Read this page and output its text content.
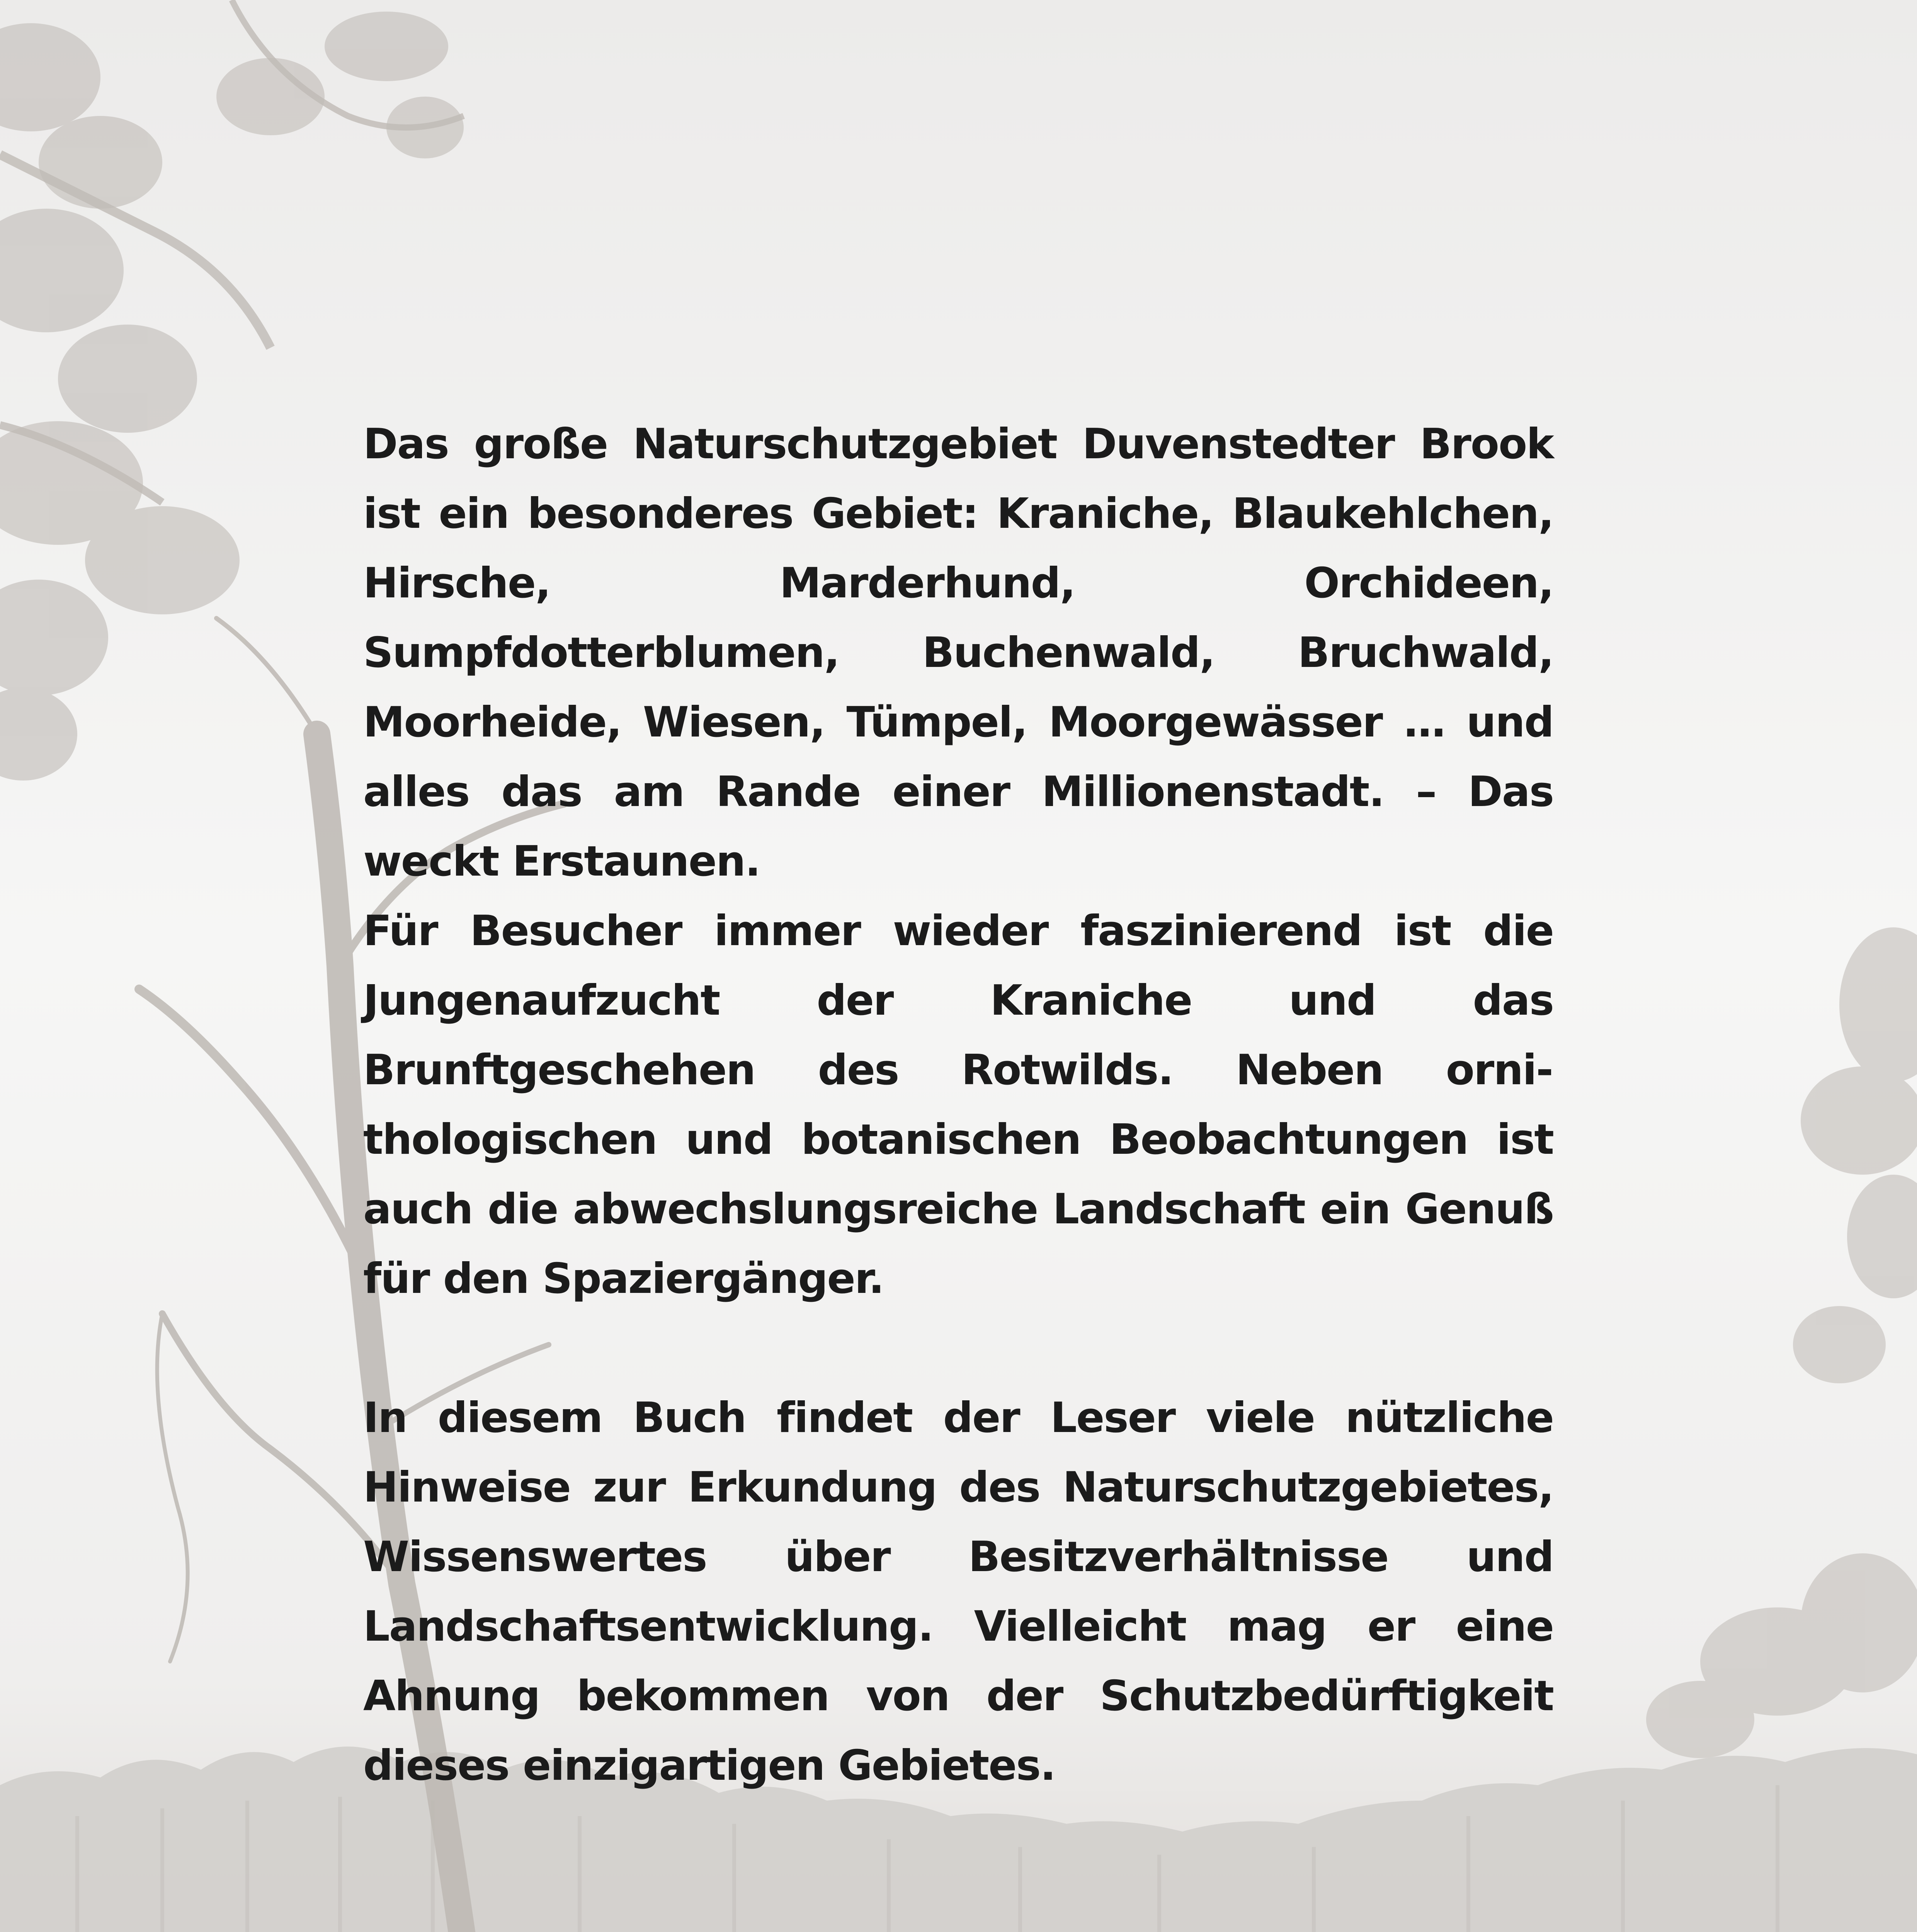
Das große Naturschutzgebiet Duvenstedter Brook ist ein besonderes Gebiet: Kraniche, Blaukehlchen, Hirsche, Marderhund, Orchideen, Sumpfdotterblumen, Buchenwald, Bruchwald, Moorheide, Wiesen, Tümpel, Moorgewässer … und alles das am Rande einer Millionenstadt. – Das weckt Erstaunen.

Für Besucher immer wieder faszinierend ist die Jungenaufzucht der Kraniche und das Brunftgeschehen des Rotwilds. Neben ornithologischen und botanischen Beobachtungen ist auch die abwechslungsreiche Landschaft ein Genuß für den Spaziergänger.

In diesem Buch findet der Leser viele nützliche Hinweise zur Erkundung des Naturschutzgebietes, Wissenswertes über Besitzverhältnisse und Landschaftsentwicklung. Vielleicht mag er eine Ahnung bekommen von der Schutzbedürftigkeit dieses einzigartigen Gebietes.
